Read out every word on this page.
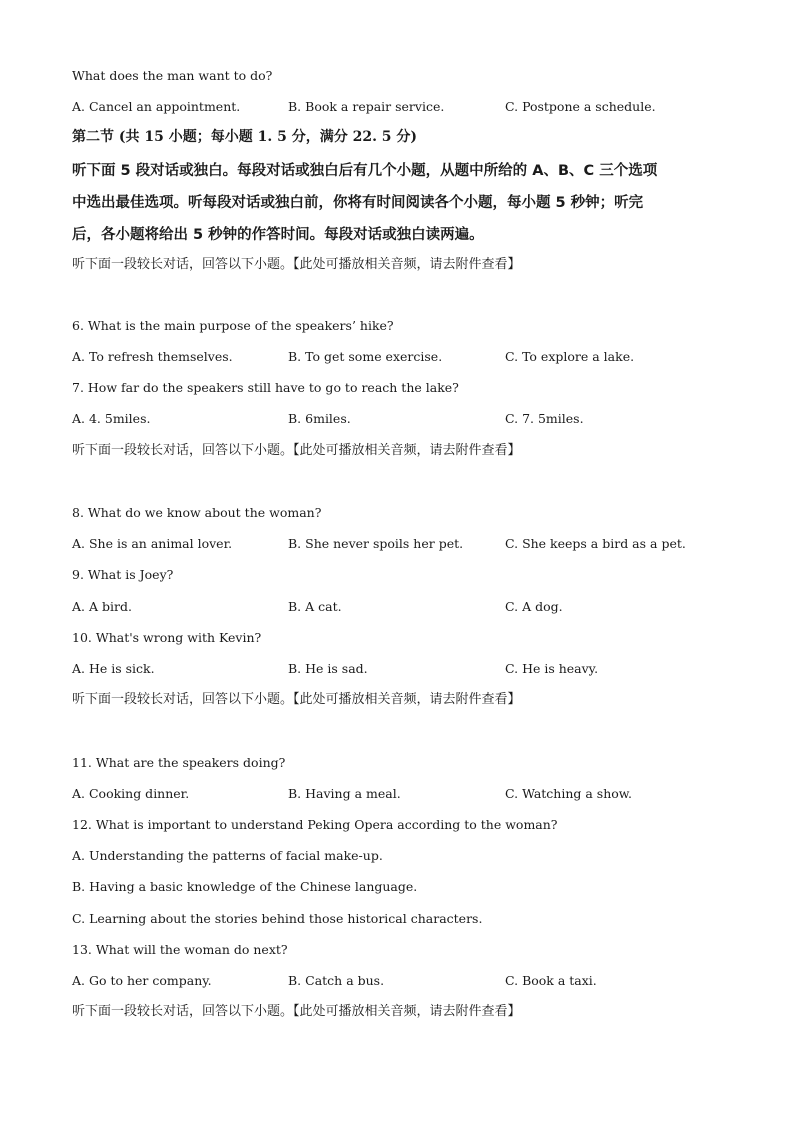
What does the man want to do?
A. Cancel an appointment.	B. Book a repair service.	C. Postpone a schedule.
第二节 (共 15 小题；每小题 1. 5 分，满分 22. 5 分)
听下面 5 段对话或独白。每段对话或独白后有几个小题，从题中所给的 A、B、C 三个选项
中选出最佳选项。听每段对话或独白前，你将有时间阅读各个小题，每小题 5 秒钟；听完
后，各小题将给出 5 秒钟的作答时间。每段对话或独白读两遍。
听下面一段较长对话，回答以下小题。【此处可播放相关音频，请去附件查看】
6. What is the main purpose of the speakers’ hike?
A. To refresh themselves.	B. To get some exercise.	C. To explore a lake.
7. How far do the speakers still have to go to reach the lake?
A. 4. 5miles.	B. 6miles.	C. 7. 5miles.
听下面一段较长对话，回答以下小题。【此处可播放相关音频，请去附件查看】
8. What do we know about the woman?
A. She is an animal lover.	B. She never spoils her pet.	C. She keeps a bird as a pet.
9. What is Joey?
A. A bird.	B. A cat.	C. A dog.
10. What's wrong with Kevin?
A. He is sick.	B. He is sad.	C. He is heavy.
听下面一段较长对话，回答以下小题。【此处可播放相关音频，请去附件查看】
11. What are the speakers doing?
A. Cooking dinner.	B. Having a meal.	C. Watching a show.
12. What is important to understand Peking Opera according to the woman?
A. Understanding the patterns of facial make-up.
B. Having a basic knowledge of the Chinese language.
C. Learning about the stories behind those historical characters.
13. What will the woman do next?
A. Go to her company.	B. Catch a bus.	C. Book a taxi.
听下面一段较长对话，回答以下小题。【此处可播放相关音频，请去附件查看】
